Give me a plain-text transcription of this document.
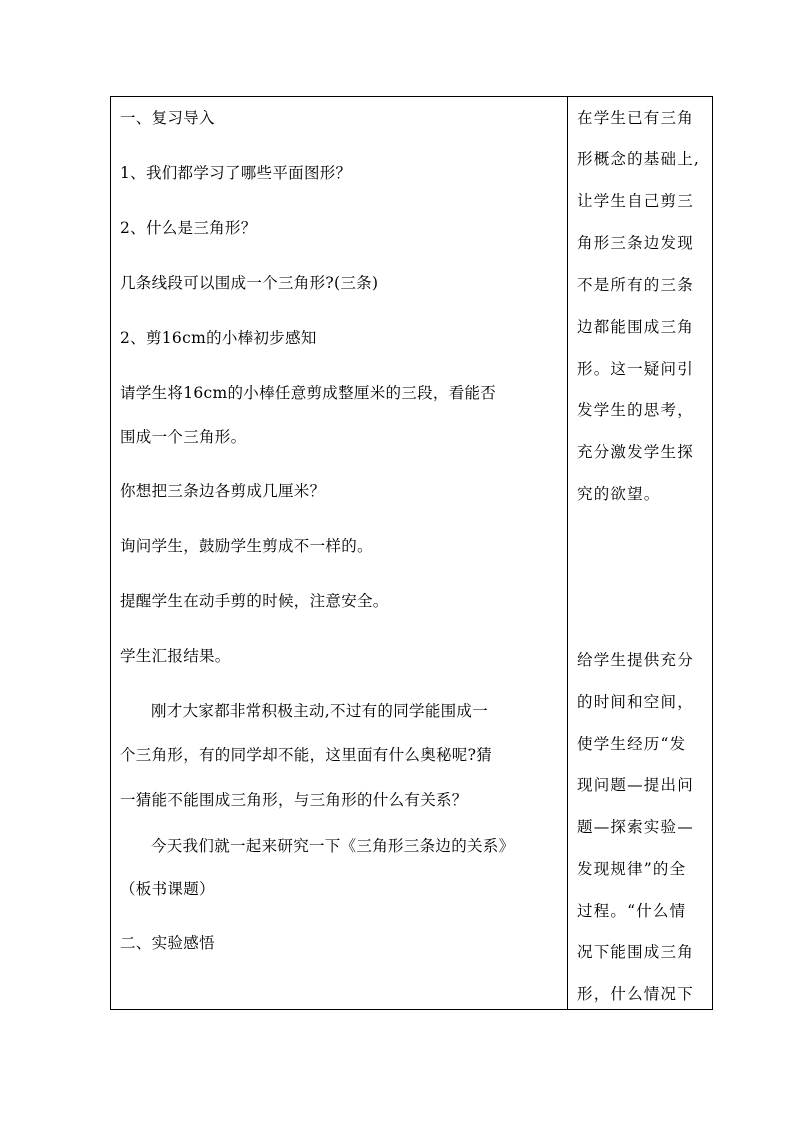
一、复习导入
1、我们都学习了哪些平面图形？
2、什么是三角形？
几条线段可以围成一个三角形?(三条)
2、剪16cm的小棒初步感知
请学生将16cm的小棒任意剪成整厘米的三段，看能否
围成一个三角形。
你想把三条边各剪成几厘米？
询问学生，鼓励学生剪成不一样的。
提醒学生在动手剪的时候，注意安全。
学生汇报结果。
刚才大家都非常积极主动,不过有的同学能围成一
个三角形，有的同学却不能，这里面有什么奥秘呢?猜
一猜能不能围成三角形，与三角形的什么有关系？
今天我们就一起来研究一下《三角形三条边的关系》
（板书课题）
二、实验感悟
在学生已有三角
形概念的基础上,
让学生自己剪三
角形三条边发现
不是所有的三条
边都能围成三角
形。这一疑问引
发学生的思考，
充分激发学生探
究的欲望。
给学生提供充分
的时间和空间，
使学生经历“发
现问题—提出问
题—探索实验—
发现规律”的全
过程。“什么情
况下能围成三角
形，什么情况下
